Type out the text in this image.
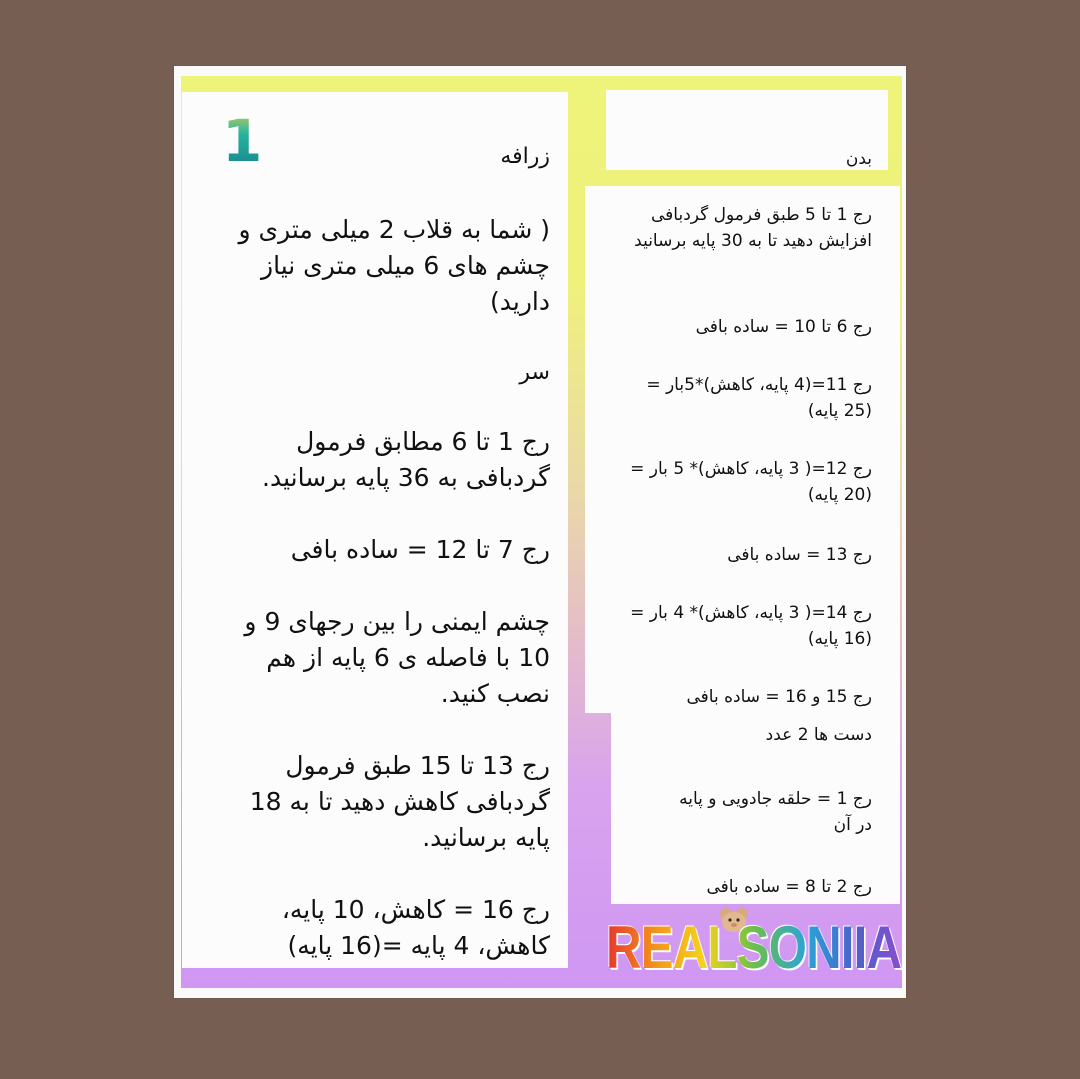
1	زرافه
( شما به قلاب 2 میلی متری و چشم های 6 میلی متری نیاز دارید)
سر
رج 1 تا 6 مطابق فرمول گردبافی به 36 پایه برسانید.
رج 7 تا 12 = ساده بافی
چشم ایمنی را بین رجهای 9 و 10 با فاصله ی 6 پایه از هم نصب کنید.
رج 13 تا 15 طبق فرمول گردبافی کاهش دهید تا به 18 پایه برسانید.
رج 16 = کاهش، 10 پایه، کاهش، 4 پایه =(16 پایه)
بدن
رج 1 تا 5 طبق فرمول گردبافی افزایش دهید تا به 30 پایه برسانید
رج 6 تا 10 = ساده بافی
رج 11=(4 پایه، کاهش)*5بار =(25 پایه)
رج 12=( 3 پایه، کاهش)* 5 بار =(20 پایه)
رج 13 = ساده بافی
رج 14=( 3 پایه، کاهش)* 4 بار =(16 پایه)
رج 15 و 16 = ساده بافی
دست ها 2 عدد
رج 1 = حلقه جادویی و پایه در آن
رج 2 تا 8 = ساده بافی
REALSONIIA
